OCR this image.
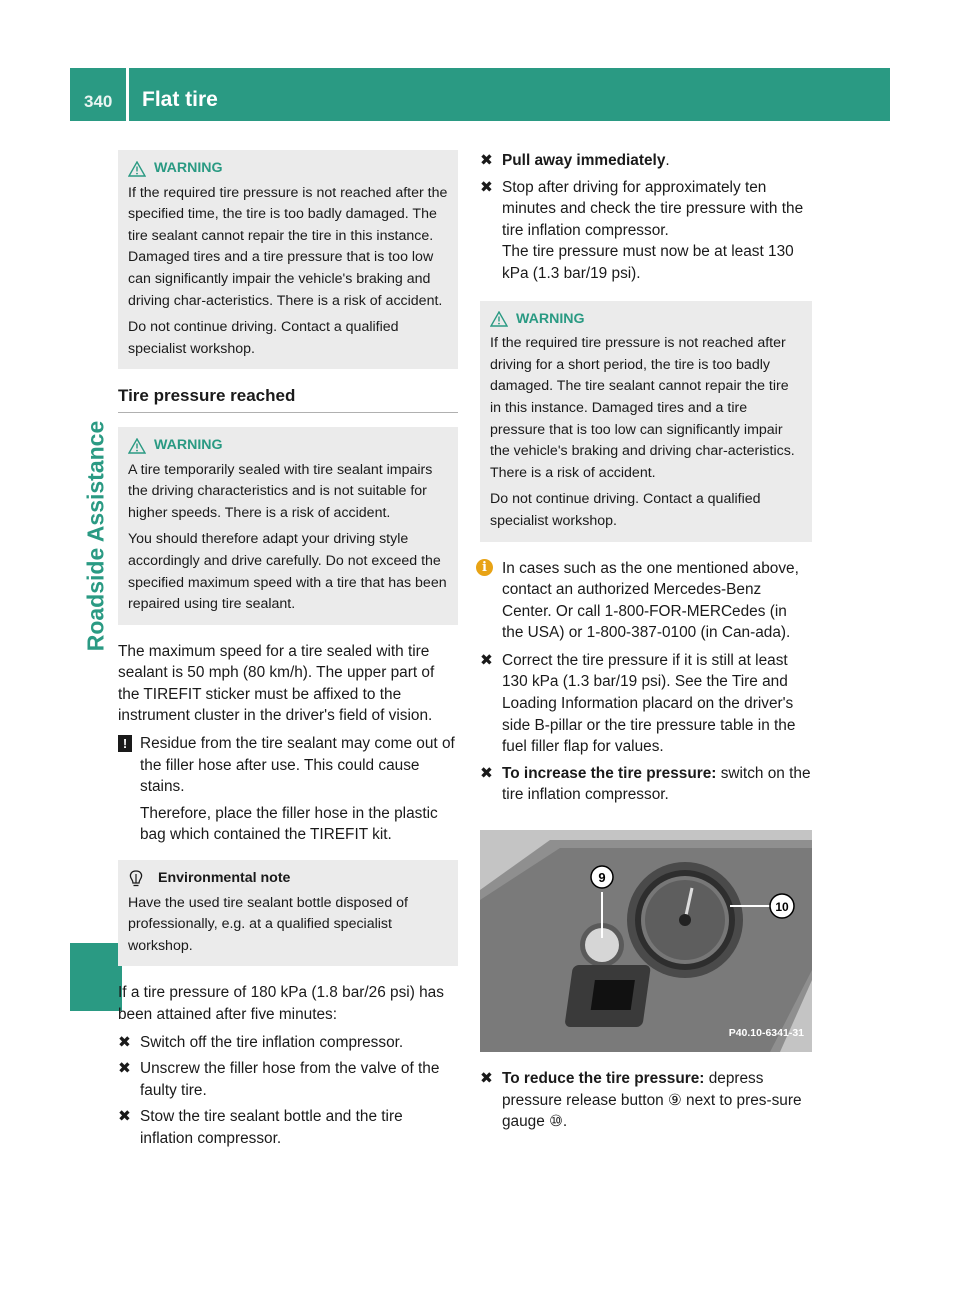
340 Flat tire
Roadside Assistance
WARNING

If the required tire pressure is not reached after the specified time, the tire is too badly damaged. The tire sealant cannot repair the tire in this instance. Damaged tires and a tire pressure that is too low can significantly impair the vehicle's braking and driving char-acteristics. There is a risk of accident.

Do not continue driving. Contact a qualified specialist workshop.

Tire pressure reached
WARNING

A tire temporarily sealed with tire sealant impairs the driving characteristics and is not suitable for higher speeds. There is a risk of accident.

You should therefore adapt your driving style accordingly and drive carefully. Do not exceed the specified maximum speed with a tire that has been repaired using tire sealant.

The maximum speed for a tire sealed with tire sealant is 50 mph (80 km/h). The upper part of the TIREFIT sticker must be affixed to the instrument cluster in the driver's field of vision.

! Residue from the tire sealant may come out of the filler hose after use. This could cause stains.

Therefore, place the filler hose in the plastic bag which contained the TIREFIT kit.

Environmental note

Have the used tire sealant bottle disposed of professionally, e.g. at a qualified specialist workshop.

If a tire pressure of 180 kPa (1.8 bar/26 psi) has been attained after five minutes:

✖ Switch off the tire inflation compressor.
✖ Unscrew the filler hose from the valve of the faulty tire.
✖ Stow the tire sealant bottle and the tire inflation compressor.
✖ Pull away immediately.
✖ Stop after driving for approximately ten minutes and check the tire pressure with the tire inflation compressor.
The tire pressure must now be at least 130 kPa (1.3 bar/19 psi).
WARNING

If the required tire pressure is not reached after driving for a short period, the tire is too badly damaged. The tire sealant cannot repair the tire in this instance. Damaged tires and a tire pressure that is too low can significantly impair the vehicle's braking and driving char-acteristics. There is a risk of accident.

Do not continue driving. Contact a qualified specialist workshop.

i In cases such as the one mentioned above, contact an authorized Mercedes-Benz Center. Or call 1-800-FOR-MERCedes (in the USA) or 1-800-387-0100 (in Can-ada).

✖ Correct the tire pressure if it is still at least 130 kPa (1.3 bar/19 psi). See the Tire and Loading Information placard on the driver's side B-pillar or the tire pressure table in the fuel filler flap for values.
✖ To increase the tire pressure: switch on the tire inflation compressor.
9
10
P40.10-6341-31
✖ To reduce the tire pressure: depress pressure release button ⑨ next to pres-sure gauge ⑩.
